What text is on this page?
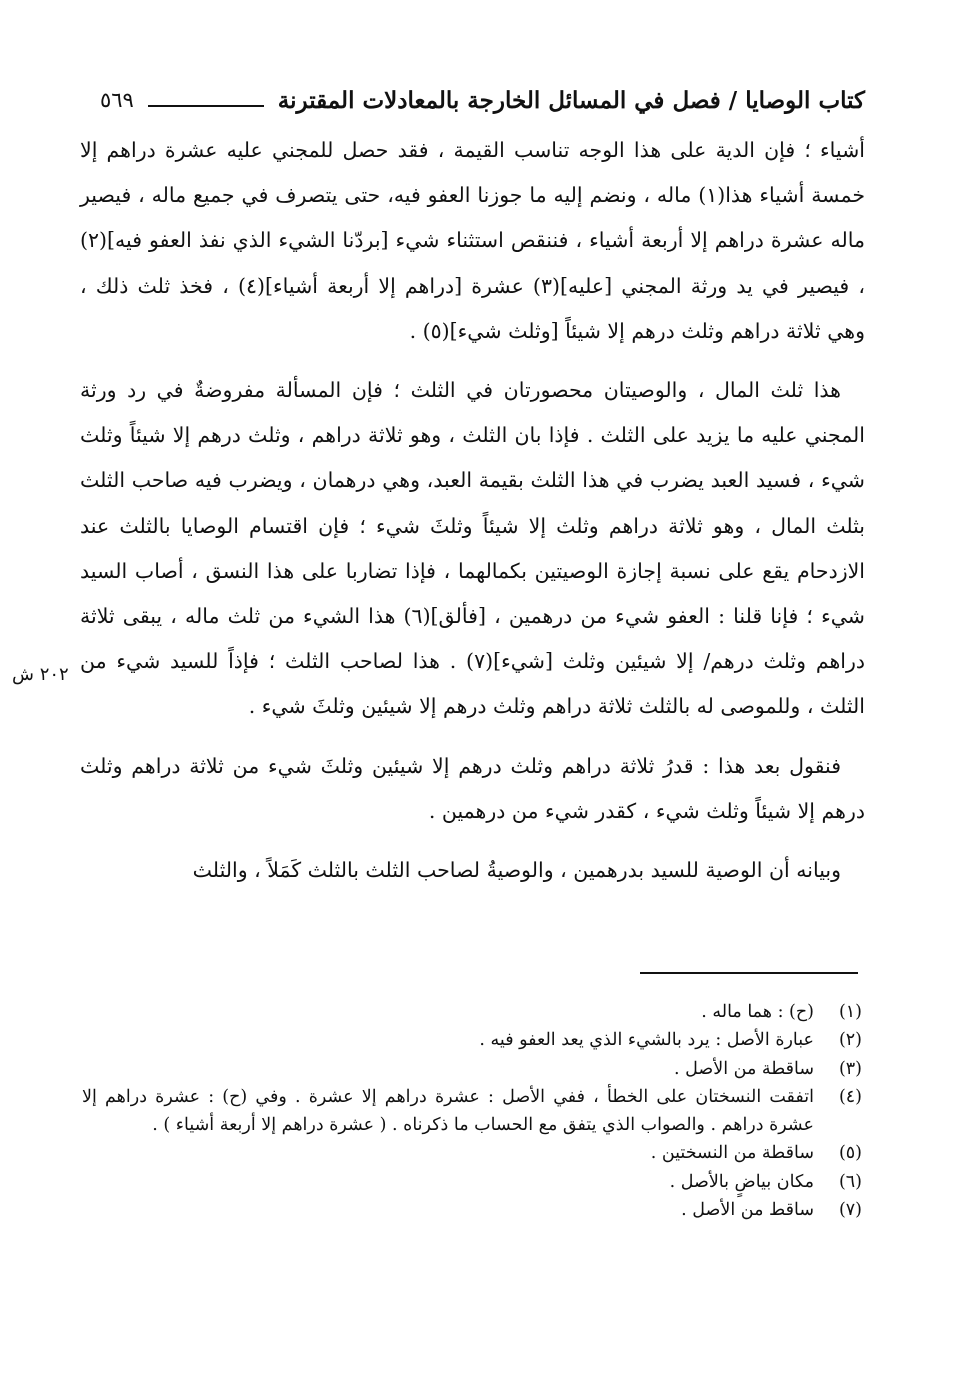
كتاب الوصايا / فصل في المسائل الخارجة بالمعادلات المقترنة
٥٦٩

أشياء ؛ فإن الدية على هذا الوجه تناسب القيمة ، فقد حصل للمجني عليه عشرة دراهم إلا خمسة أشياء هذا(١) ماله ، ونضم إليه ما جوزنا العفو فيه، حتى يتصرف في جميع ماله ، فيصير ماله عشرة دراهم إلا أربعة أشياء ، فننقص استثناء شيء [بردّنا الشيء الذي نفذ العفو فيه](٢) ، فيصير في يد ورثة المجني [عليه](٣) عشرة [دراهم إلا أربعة أشياء](٤) ، فخذ ثلث ذلك ، وهي ثلاثة دراهم وثلث درهم إلا شيئاً [وثلث شيء](٥) .

هذا ثلث المال ، والوصيتان محصورتان في الثلث ؛ فإن المسألة مفروضةٌ في رد ورثة المجني عليه ما يزيد على الثلث . فإذا بان الثلث ، وهو ثلاثة دراهم ، وثلث درهم إلا شيئاً وثلث شيء ، فسيد العبد يضرب في هذا الثلث بقيمة العبد، وهي درهمان ، ويضرب فيه صاحب الثلث بثلث المال ، وهو ثلاثة دراهم وثلث إلا شيئاً وثلثَ شيء ؛ فإن اقتسام الوصايا بالثلث عند الازدحام يقع على نسبة إجازة الوصيتين بكمالهما ، فإذا تضاربا على هذا النسق ، أصاب السيد شيء ؛ فإنا قلنا : العفو شيء من درهمين ، [فألق](٦) هذا الشيء من ثلث ماله ، يبقى ثلاثة دراهم وثلث درهم/ إلا شيئين وثلث [شيء](٧) . هذا لصاحب الثلث ؛ فإذاً للسيد شيء من الثلث ، وللموصى له بالثلث ثلاثة دراهم وثلث درهم إلا شيئين وثلثَ شيء .

فنقول بعد هذا : قدرُ ثلاثة دراهم وثلث درهم إلا شيئين وثلثَ شيء من ثلاثة دراهم وثلث درهم إلا شيئاً وثلث شيء ، كقدر شيء من درهمين .

وبيانه أن الوصية للسيد بدرهمين ، والوصيةُ لصاحب الثلث بالثلث كَمَلاً ، والثلث

٢٠٢ ش
(١)
(ح) : هما ماله .
(٢)
عبارة الأصل : يرد بالشيء الذي يعد العفو فيه .
(٣)
ساقطة من الأصل .
(٤)
اتفقت النسختان على الخطأ ، ففي الأصل : عشرة دراهم إلا عشرة . وفي (ح) : عشرة دراهم إلا عشرة دراهم . والصواب الذي يتفق مع الحساب ما ذكرناه . ( عشرة دراهم إلا أربعة أشياء ) .
(٥)
ساقطة من النسختين .
(٦)
مكان بياضٍ بالأصل .
(٧)
ساقط من الأصل .
